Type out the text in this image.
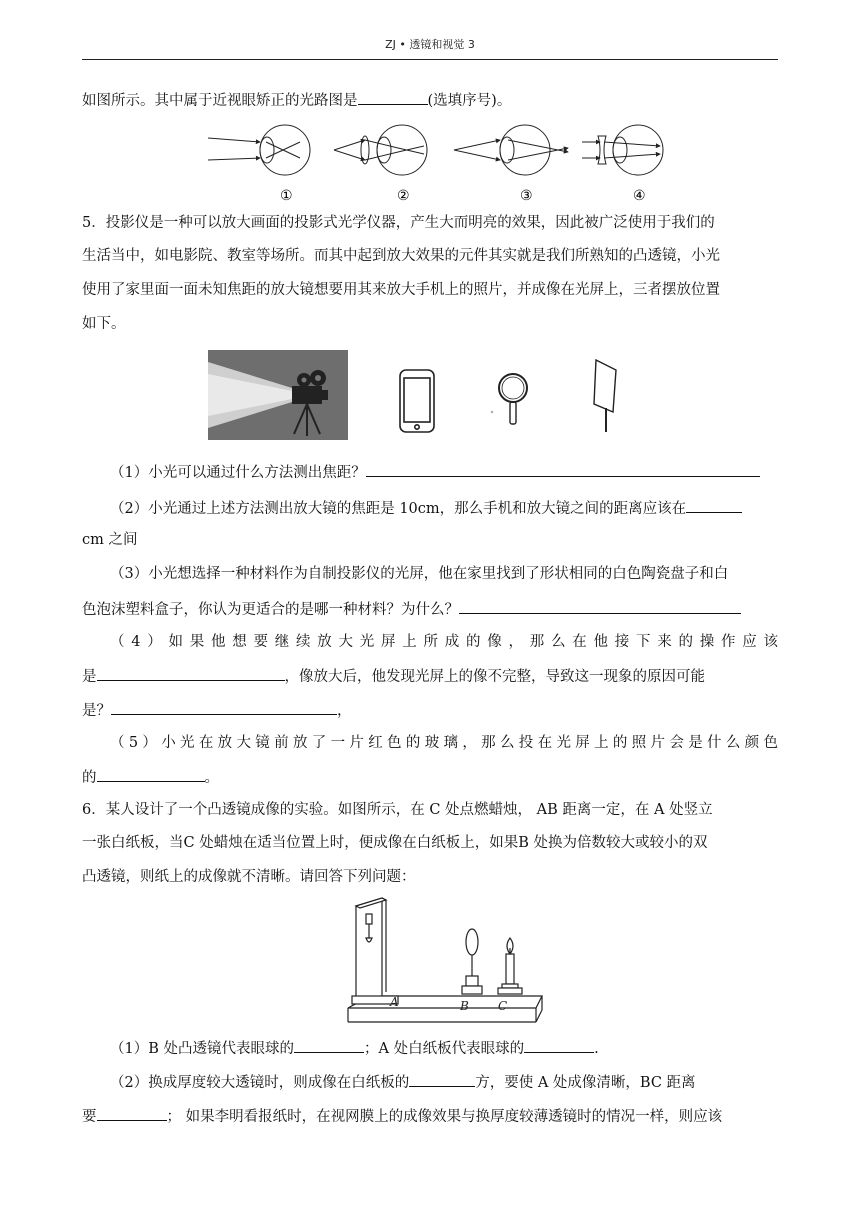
ZJ • 透镜和视觉 3
如图所示。其中属于近视眼矫正的光路图是	(选填序号)。
①	②	③	④
5．投影仪是一种可以放大画面的投影式光学仪器，产生大而明亮的效果，因此被广泛使用于我们的
生活当中，如电影院、教室等场所。而其中起到放大效果的元件其实就是我们所熟知的凸透镜，小光
使用了家里面一面未知焦距的放大镜想要用其来放大手机上的照片，并成像在光屏上，三者摆放位置
如下。
（1）小光可以通过什么方法测出焦距？
（2）小光通过上述方法测出放大镜的焦距是 10cm，那么手机和放大镜之间的距离应该在
cm 之间
（3）小光想选择一种材料作为自制投影仪的光屏，他在家里找到了形状相同的白色陶瓷盘子和白
色泡沫塑料盒子，你认为更适合的是哪一种材料？为什么？
（4）如果他想要继续放大光屏上所成的像，那么在他接下来的操作应该
是	，像放大后，他发现光屏上的像不完整，导致这一现象的原因可能
是？	，
（5）小光在放大镜前放了一片红色的玻璃，那么投在光屏上的照片会是什么颜色
的	。
6．某人设计了一个凸透镜成像的实验。如图所示，在 C 处点燃蜡烛， AB 距离一定，在 A 处竖立
一张白纸板，当C 处蜡烛在适当位置上时，便成像在白纸板上，如果B 处换为倍数较大或较小的双
凸透镜，则纸上的成像就不清晰。请回答下列问题：
A	B C
（1）B 处凸透镜代表眼球的	；A 处白纸板代表眼球的	.
（2）换成厚度较大透镜时，则成像在白纸板的	方，要使 A 处成像清晰，BC 距离
要	； 如果李明看报纸时，在视网膜上的成像效果与换厚度较薄透镜时的情况一样，则应该
